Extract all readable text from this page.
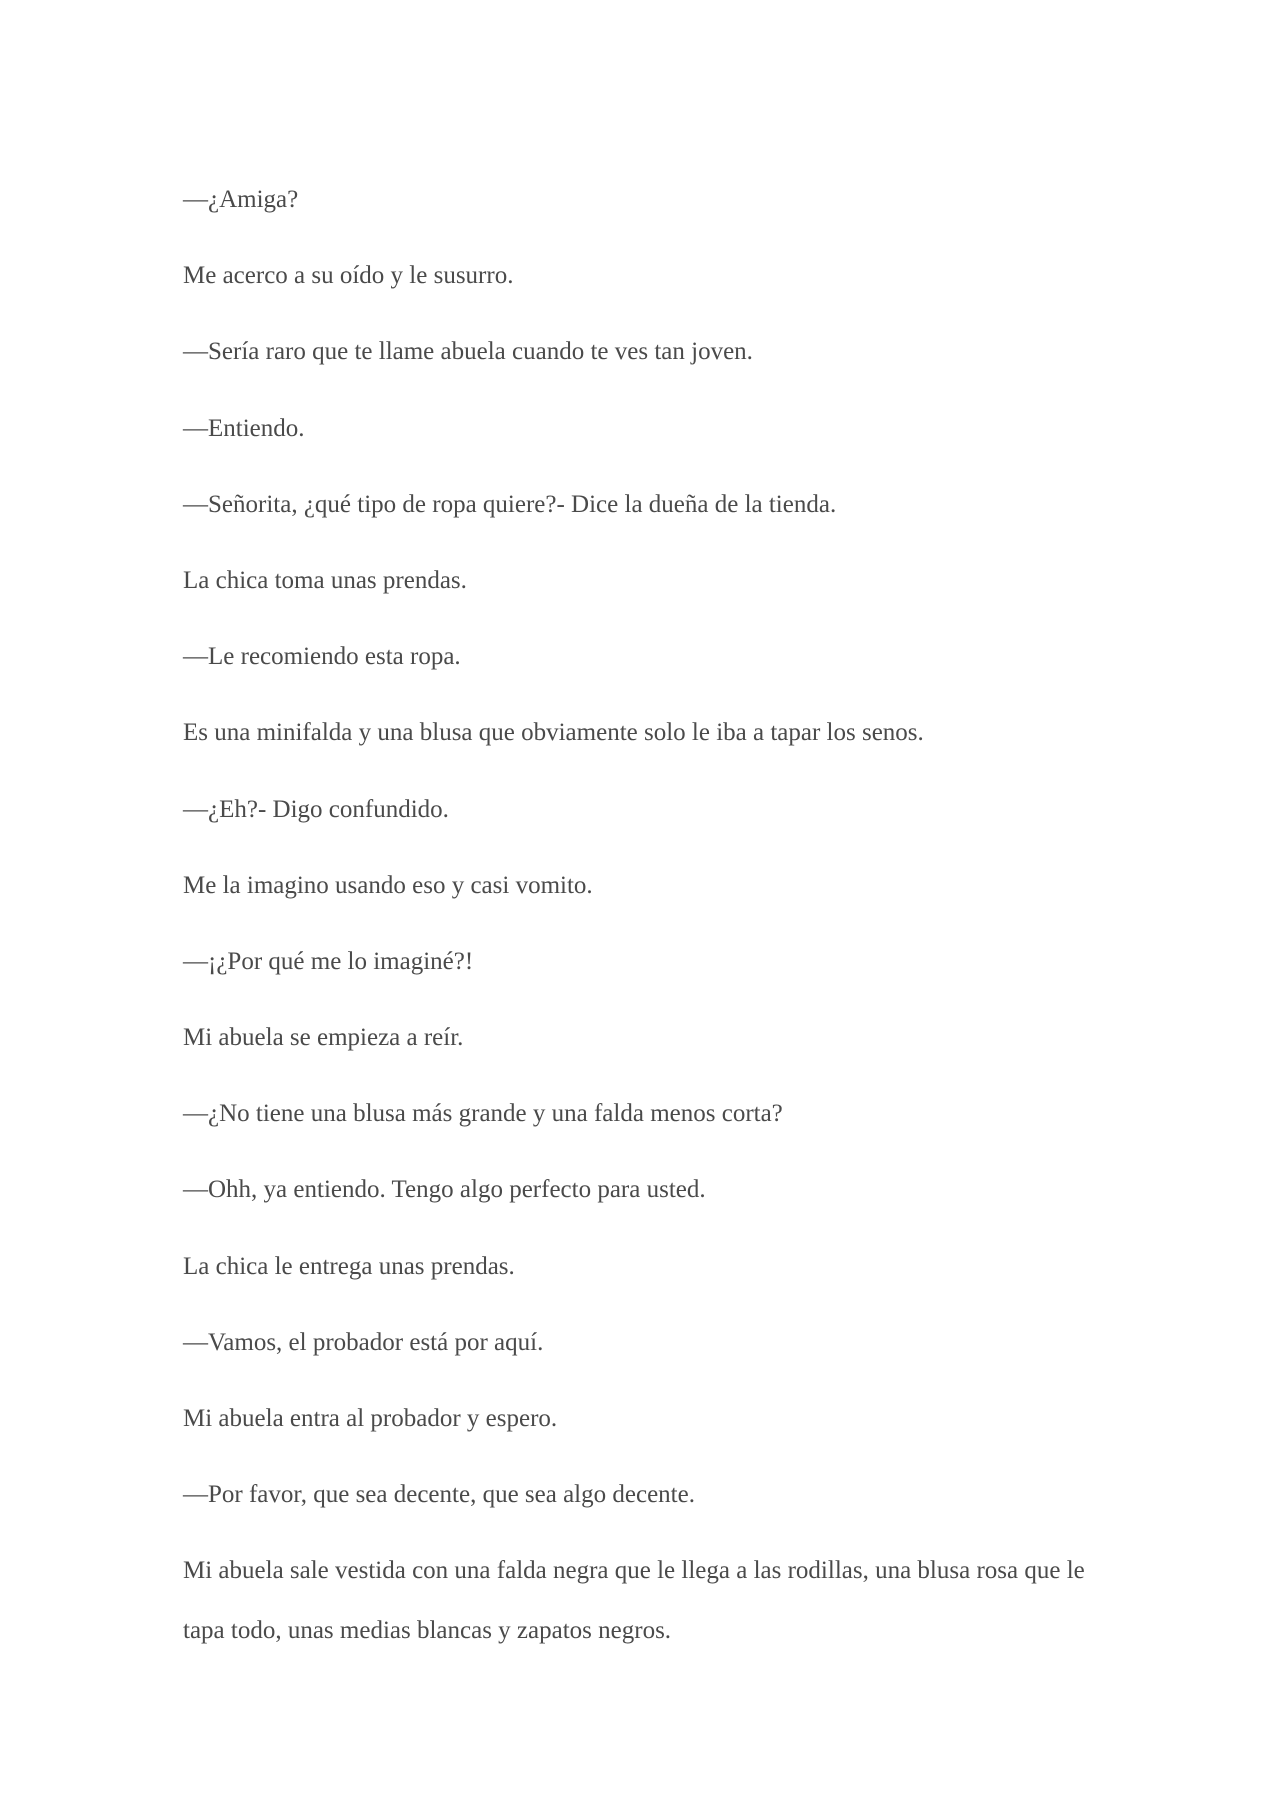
—¿Amiga?

Me acerco a su oído y le susurro.

—Sería raro que te llame abuela cuando te ves tan joven.

—Entiendo.

—Señorita, ¿qué tipo de ropa quiere?- Dice la dueña de la tienda.

La chica toma unas prendas.

—Le recomiendo esta ropa.

Es una minifalda y una blusa que obviamente solo le iba a tapar los senos.

—¿Eh?- Digo confundido.

Me la imagino usando eso y casi vomito.

—¡¿Por qué me lo imaginé?!

Mi abuela se empieza a reír.

—¿No tiene una blusa más grande y una falda menos corta?

—Ohh, ya entiendo. Tengo algo perfecto para usted.

La chica le entrega unas prendas.

—Vamos, el probador está por aquí.

Mi abuela entra al probador y espero.

—Por favor, que sea decente, que sea algo decente.

Mi abuela sale vestida con una falda negra que le llega a las rodillas, una blusa rosa que le tapa todo, unas medias blancas y zapatos negros.
